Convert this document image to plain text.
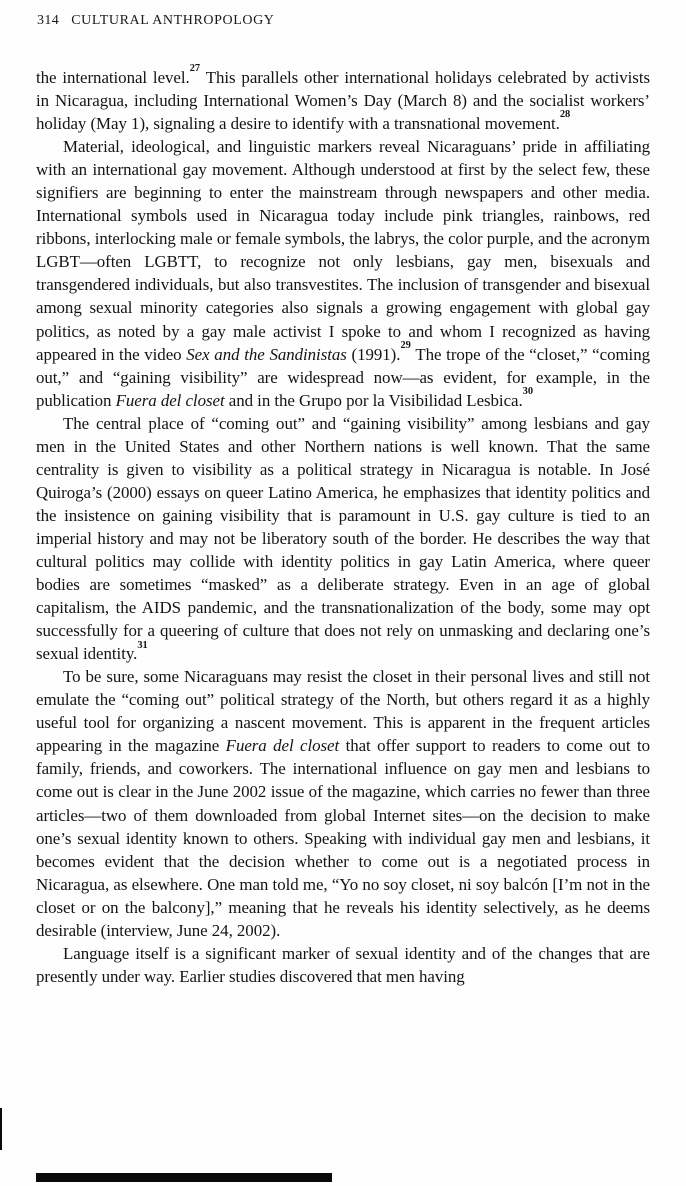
314 CULTURAL ANTHROPOLOGY

the international level.$^{27}$ This parallels other international holidays celebrated by activists in Nicaragua, including International Women’s Day (March 8) and the socialist workers’ holiday (May 1), signaling a desire to identify with a transnational movement.$^{28}$

Material, ideological, and linguistic markers reveal Nicaraguans’ pride in affiliating with an international gay movement. Although understood at first by the select few, these signifiers are beginning to enter the mainstream through newspapers and other media. International symbols used in Nicaragua today include pink triangles, rainbows, red ribbons, interlocking male or female symbols, the labrys, the color purple, and the acronym LGBT—often LGBTT, to recognize not only lesbians, gay men, bisexuals and transgendered individuals, but also transvestites. The inclusion of transgender and bisexual among sexual minority categories also signals a growing engagement with global gay politics, as noted by a gay male activist I spoke to and whom I recognized as having appeared in the video Sex and the Sandinistas (1991).$^{29}$ The trope of the “closet,” “coming out,” and “gaining visibility” are widespread now—as evident, for example, in the publication Fuera del closet and in the Grupo por la Visibilidad Lesbica.$^{30}$

The central place of “coming out” and “gaining visibility” among lesbians and gay men in the United States and other Northern nations is well known. That the same centrality is given to visibility as a political strategy in Nicaragua is notable. In José Quiroga’s (2000) essays on queer Latino America, he emphasizes that identity politics and the insistence on gaining visibility that is paramount in U.S. gay culture is tied to an imperial history and may not be liberatory south of the border. He describes the way that cultural politics may collide with identity politics in gay Latin America, where queer bodies are sometimes “masked” as a deliberate strategy. Even in an age of global capitalism, the AIDS pandemic, and the transnationalization of the body, some may opt successfully for a queering of culture that does not rely on unmasking and declaring one’s sexual identity.$^{31}$

To be sure, some Nicaraguans may resist the closet in their personal lives and still not emulate the “coming out” political strategy of the North, but others regard it as a highly useful tool for organizing a nascent movement. This is apparent in the frequent articles appearing in the magazine Fuera del closet that offer support to readers to come out to family, friends, and coworkers. The international influence on gay men and lesbians to come out is clear in the June 2002 issue of the magazine, which carries no fewer than three articles—two of them downloaded from global Internet sites—on the decision to make one’s sexual identity known to others. Speaking with individual gay men and lesbians, it becomes evident that the decision whether to come out is a negotiated process in Nicaragua, as elsewhere. One man told me, “Yo no soy closet, ni soy balcón [I’m not in the closet or on the balcony],” meaning that he reveals his identity selectively, as he deems desirable (interview, June 24, 2002).

Language itself is a significant marker of sexual identity and of the changes that are presently under way. Earlier studies discovered that men having
